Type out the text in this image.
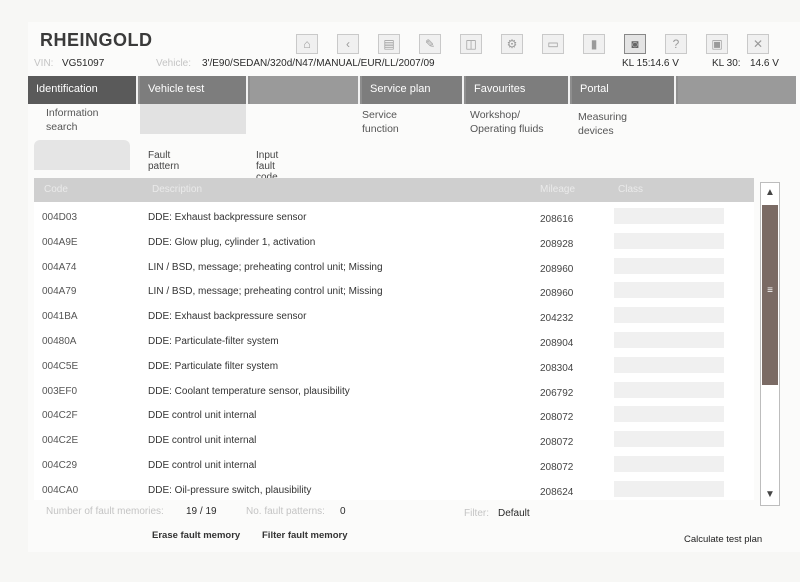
RHEINGOLD	⌂	‹	▤	✎	◫	⚙	▭	▮	◙	?	▣	✕
VIN: VG51097	Vehicle: 3'/E90/SEDAN/320d/N47/MANUAL/EUR/LL/2007/09	KL 15: 14.6 V	KL 30: 14.6 V
Identification	Vehicle test	Service plan	Favourites	Portal
Information
search
Service
function
Workshop/
Operating fluids
Measuring
devices
Fault pattern
Input fault
Code	Description	Mileage	Class
004D03	DDE: Exhaust backpressure sensor	208616
004A9E	DDE: Glow plug, cylinder 1, activation	208928
004A74	LIN / BSD, message; preheating control unit; Missing	208960
004A79	LIN / BSD, message; preheating control unit; Missing	208960
0041BA	DDE: Exhaust backpressure sensor	204232
00480A	DDE: Particulate-filter system	208904
004C5E	DDE: Particulate filter system	208304
003EF0	DDE: Coolant temperature sensor, plausibility	206792
004C2F	DDE control unit internal	208072
004C2E	DDE control unit internal	208072
004C29	DDE control unit internal	208072
004CA0	DDE: Oil-pressure switch, plausibility	208624
▲
≡
▼
Number of fault memories: 19 / 19	No. fault patterns: 0	Filter: Default
Erase fault memory Filter fault memory	Calculate test plan
